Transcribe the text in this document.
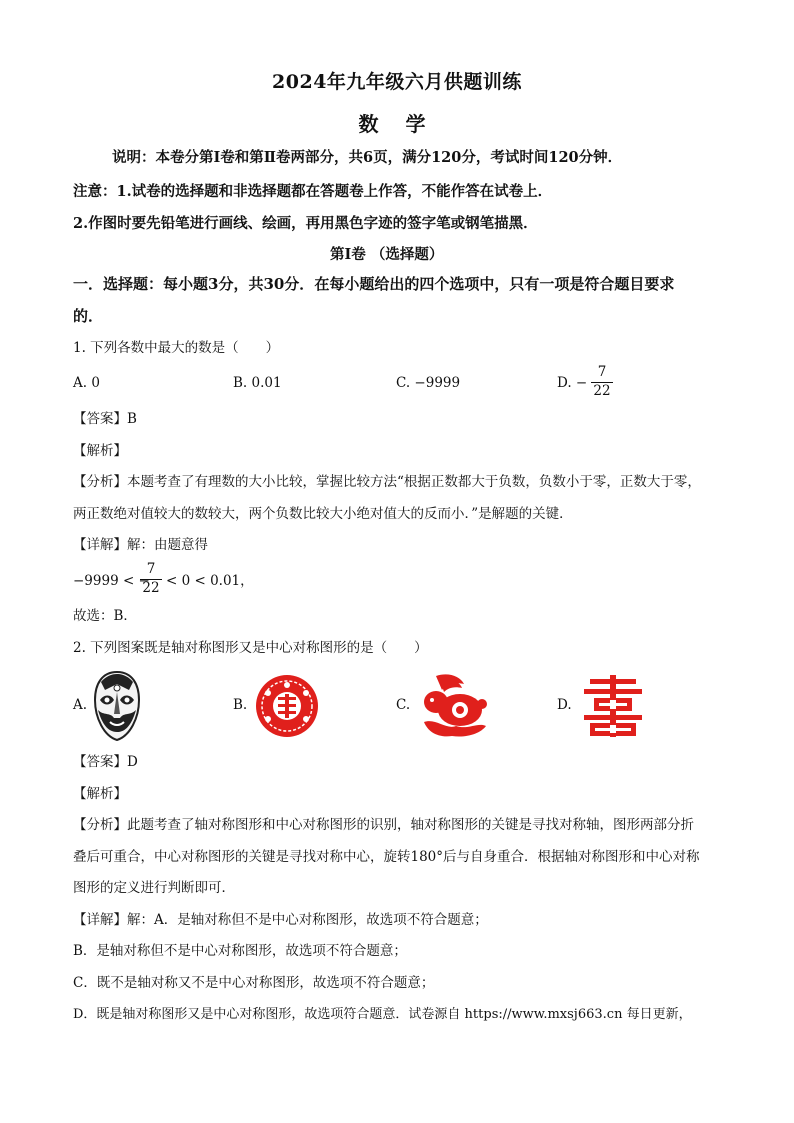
2024年九年级六月供题训练
数 学
说明：本卷分第Ⅰ卷和第Ⅱ卷两部分，共6页，满分120分，考试时间120分钟．
注意：1.试卷的选择题和非选择题都在答题卷上作答，不能作答在试卷上．
2.作图时要先铅笔进行画线、绘画，再用黑色字迹的签字笔或钢笔描黑．
第Ⅰ卷 （选择题）
一．选择题：每小题3分，共30分．在每小题给出的四个选项中，只有一项是符合题目要求
的．
1. 下列各数中最大的数是（　　）
A. 0	B. 0.01	C. −9999	D. −
7
22
【答案】B
【解析】
【分析】本题考查了有理数的大小比较，掌握比较方法“根据正数都大于负数，负数小于零，正数大于零，
两正数绝对值较大的数较大，两个负数比较大小绝对值大的反而小．”是解题的关键．
【详解】解：由题意得
−9999 < −
7
22 < 0 < 0.01，
故选：B．
2. 下列图案既是轴对称图形又是中心对称图形的是（　　）
A.	B.	C.	D.
【答案】D
【解析】
【分析】此题考查了轴对称图形和中心对称图形的识别，轴对称图形的关键是寻找对称轴，图形两部分折
叠后可重合，中心对称图形的关键是寻找对称中心，旋转180°后与自身重合．根据轴对称图形和中心对称
图形的定义进行判断即可．
【详解】解：A．是轴对称但不是中心对称图形，故选项不符合题意；
B．是轴对称但不是中心对称图形，故选项不符合题意；
C．既不是轴对称又不是中心对称图形，故选项不符合题意；
D．既是轴对称图形又是中心对称图形，故选项符合题意．试卷源自 https://www.mxsj663.cn 每日更新，
